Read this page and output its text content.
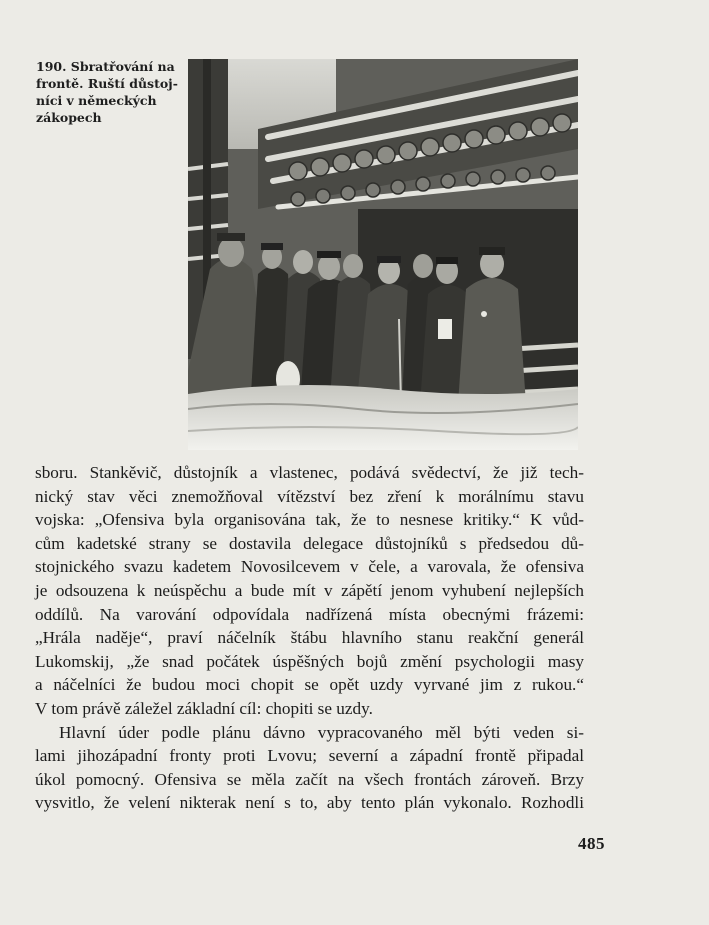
190. Sbratřování na
frontě. Ruští důstoj-
níci v německých
zákopech
sboru. Stankěvič, důstojník a vlastenec, podává svědectví, že již tech-
nický stav věci znemožňoval vítězství bez zření k morálnímu stavu
vojska: „Ofensiva byla organisována tak, že to nesnese kritiky.“ K vůd-
cům kadetské strany se dostavila delegace důstojníků s předsedou dů-
stojnického svazu kadetem Novosilcevem v čele, a varovala, že ofensiva
je odsouzena k neúspěchu a bude mít v zápětí jenom vyhubení nejlepších
oddílů. Na varování odpovídala nadřízená místa obecnými frázemi:
„Hrála naděje“, praví náčelník štábu hlavního stanu reakční generál
Lukomskij, „že snad počátek úspěšných bojů změní psychologii masy
a náčelníci že budou moci chopit se opět uzdy vyrvané jim z rukou.“
V tom právě záležel základní cíl: chopiti se uzdy.
Hlavní úder podle plánu dávno vypracovaného měl býti veden si-
lami jihozápadní fronty proti Lvovu; severní a západní frontě připadal
úkol pomocný. Ofensiva se měla začít na všech frontách zároveň. Brzy
vysvitlo, že velení nikterak není s to, aby tento plán vykonalo. Rozhodli
485
